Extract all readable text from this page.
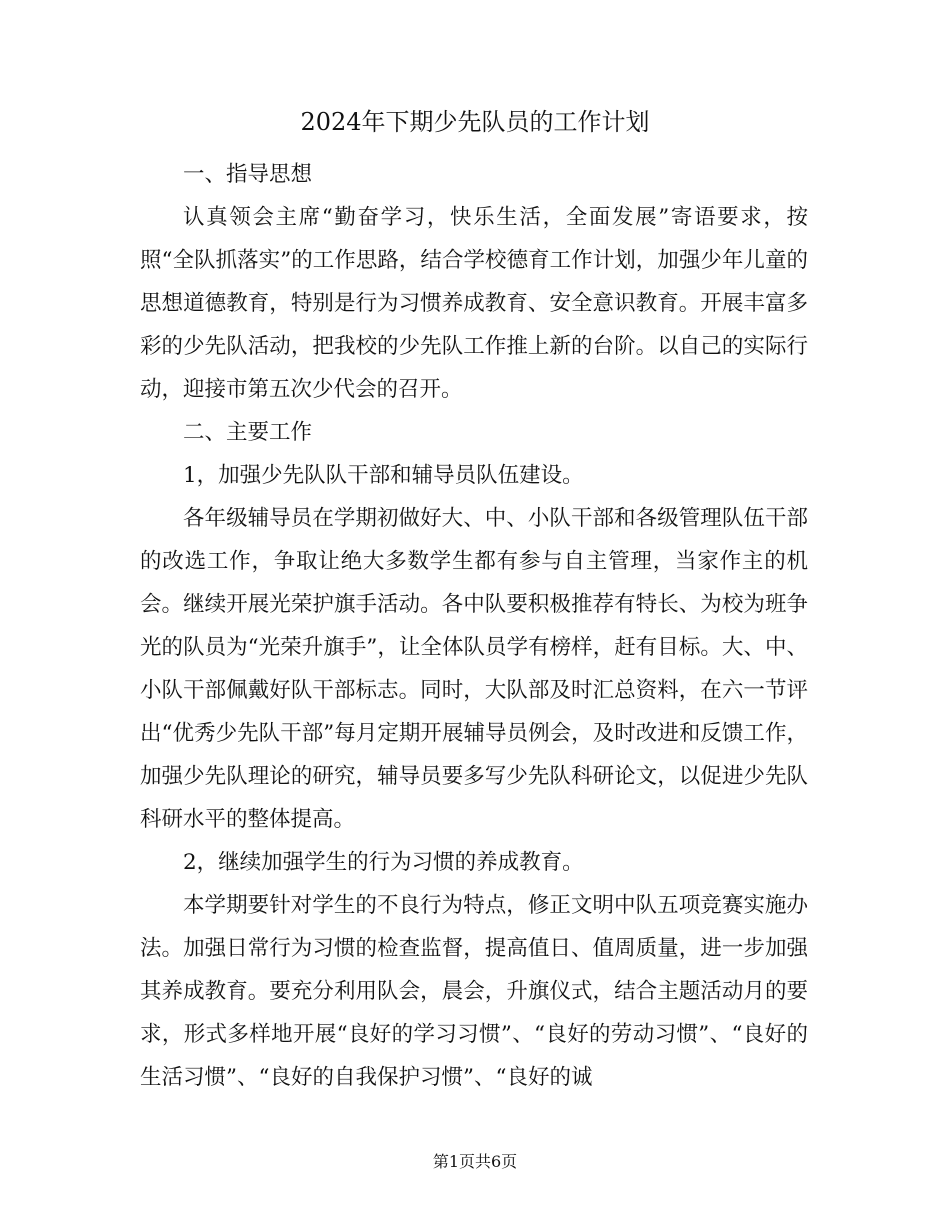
2024年下期少先队员的工作计划

一、指导思想

认真领会主席“勤奋学习，快乐生活，全面发展”寄语要求，按照“全队抓落实”的工作思路，结合学校德育工作计划，加强少年儿童的思想道德教育，特别是行为习惯养成教育、安全意识教育。开展丰富多彩的少先队活动，把我校的少先队工作推上新的台阶。以自己的实际行动，迎接市第五次少代会的召开。

二、主要工作

1，加强少先队队干部和辅导员队伍建设。

各年级辅导员在学期初做好大、中、小队干部和各级管理队伍干部的改选工作，争取让绝大多数学生都有参与自主管理，当家作主的机会。继续开展光荣护旗手活动。各中队要积极推荐有特长、为校为班争光的队员为“光荣升旗手”，让全体队员学有榜样，赶有目标。大、中、小队干部佩戴好队干部标志。同时，大队部及时汇总资料，在六一节评出“优秀少先队干部”每月定期开展辅导员例会，及时改进和反馈工作，加强少先队理论的研究，辅导员要多写少先队科研论文，以促进少先队科研水平的整体提高。

2，继续加强学生的行为习惯的养成教育。

本学期要针对学生的不良行为特点，修正文明中队五项竞赛实施办法。加强日常行为习惯的检查监督，提高值日、值周质量，进一步加强其养成教育。要充分利用队会，晨会，升旗仪式，结合主题活动月的要求，形式多样地开展“良好的学习习惯”、“良好的劳动习惯”、“良好的生活习惯”、“良好的自我保护习惯”、“良好的诚

第1页共6页
